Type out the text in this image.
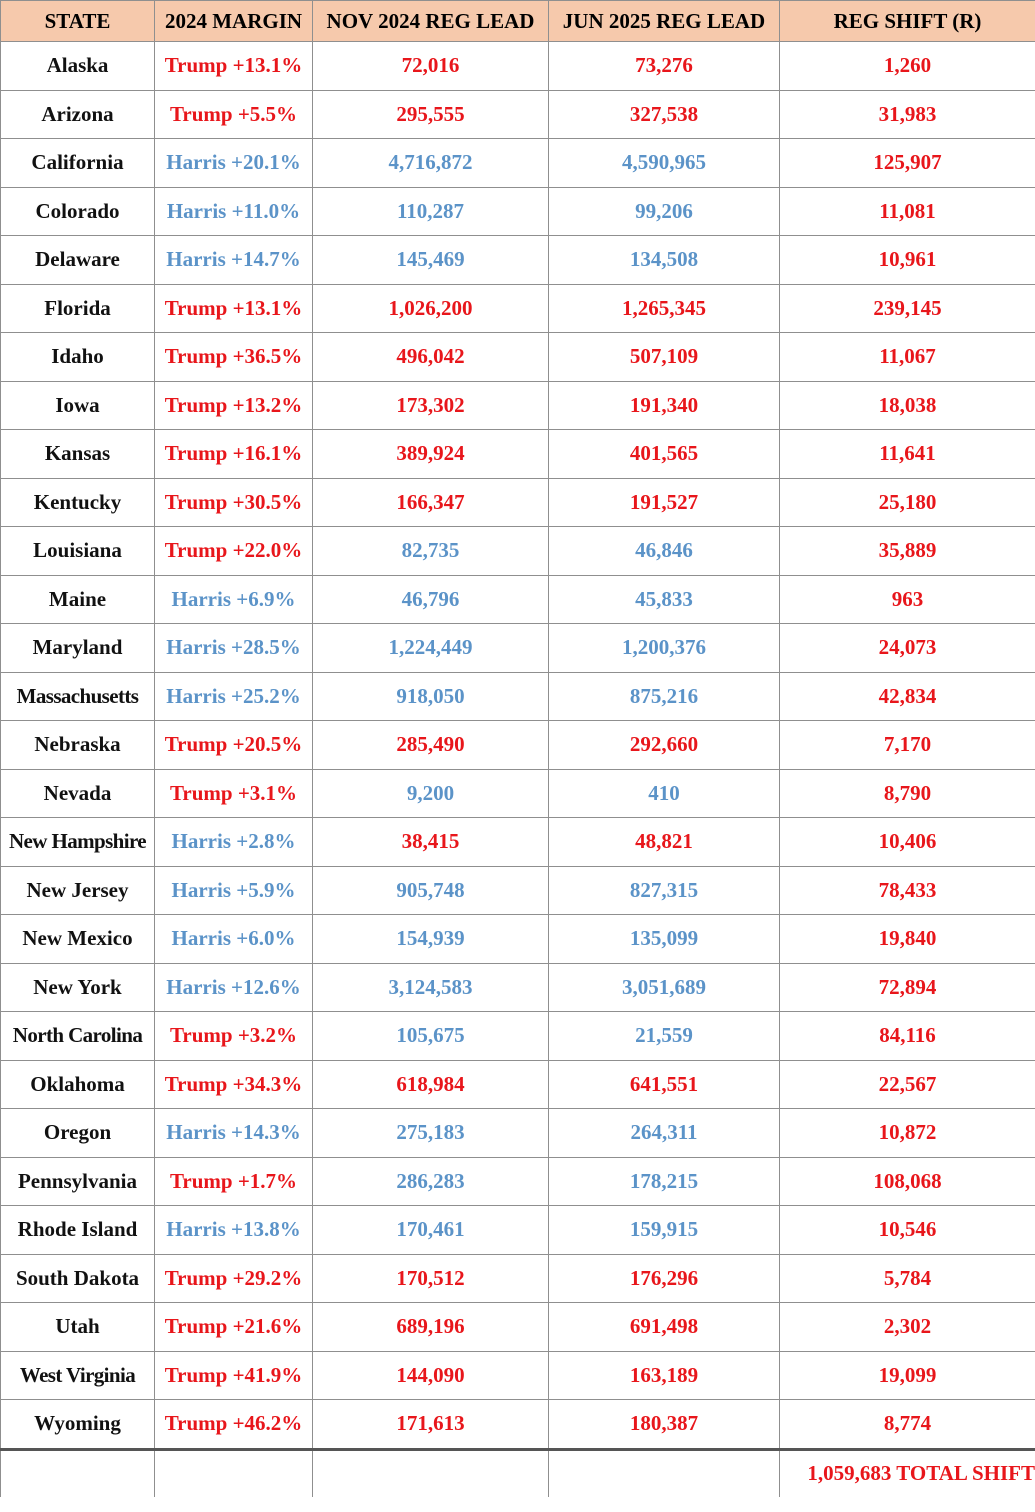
STATE	2024 MARGIN	NOV 2024 REG LEAD	JUN 2025 REG LEAD	REG SHIFT (R)
Alaska	Trump +13.1%	72,016	73,276	1,260
Arizona	Trump +5.5%	295,555	327,538	31,983
California	Harris +20.1%	4,716,872	4,590,965	125,907
Colorado	Harris +11.0%	110,287	99,206	11,081
Delaware	Harris +14.7%	145,469	134,508	10,961
Florida	Trump +13.1%	1,026,200	1,265,345	239,145
Idaho	Trump +36.5%	496,042	507,109	11,067
Iowa	Trump +13.2%	173,302	191,340	18,038
Kansas	Trump +16.1%	389,924	401,565	11,641
Kentucky	Trump +30.5%	166,347	191,527	25,180
Louisiana	Trump +22.0%	82,735	46,846	35,889
Maine	Harris +6.9%	46,796	45,833	963
Maryland	Harris +28.5%	1,224,449	1,200,376	24,073
Massachusetts	Harris +25.2%	918,050	875,216	42,834
Nebraska	Trump +20.5%	285,490	292,660	7,170
Nevada	Trump +3.1%	9,200	410	8,790
New Hampshire	Harris +2.8%	38,415	48,821	10,406
New Jersey	Harris +5.9%	905,748	827,315	78,433
New Mexico	Harris +6.0%	154,939	135,099	19,840
New York	Harris +12.6%	3,124,583	3,051,689	72,894
North Carolina	Trump +3.2%	105,675	21,559	84,116
Oklahoma	Trump +34.3%	618,984	641,551	22,567
Oregon	Harris +14.3%	275,183	264,311	10,872
Pennsylvania	Trump +1.7%	286,283	178,215	108,068
Rhode Island	Harris +13.8%	170,461	159,915	10,546
South Dakota	Trump +29.2%	170,512	176,296	5,784
Utah	Trump +21.6%	689,196	691,498	2,302
West Virginia	Trump +41.9%	144,090	163,189	19,099
Wyoming	Trump +46.2%	171,613	180,387	8,774
				1,059,683 TOTAL SHIFT
